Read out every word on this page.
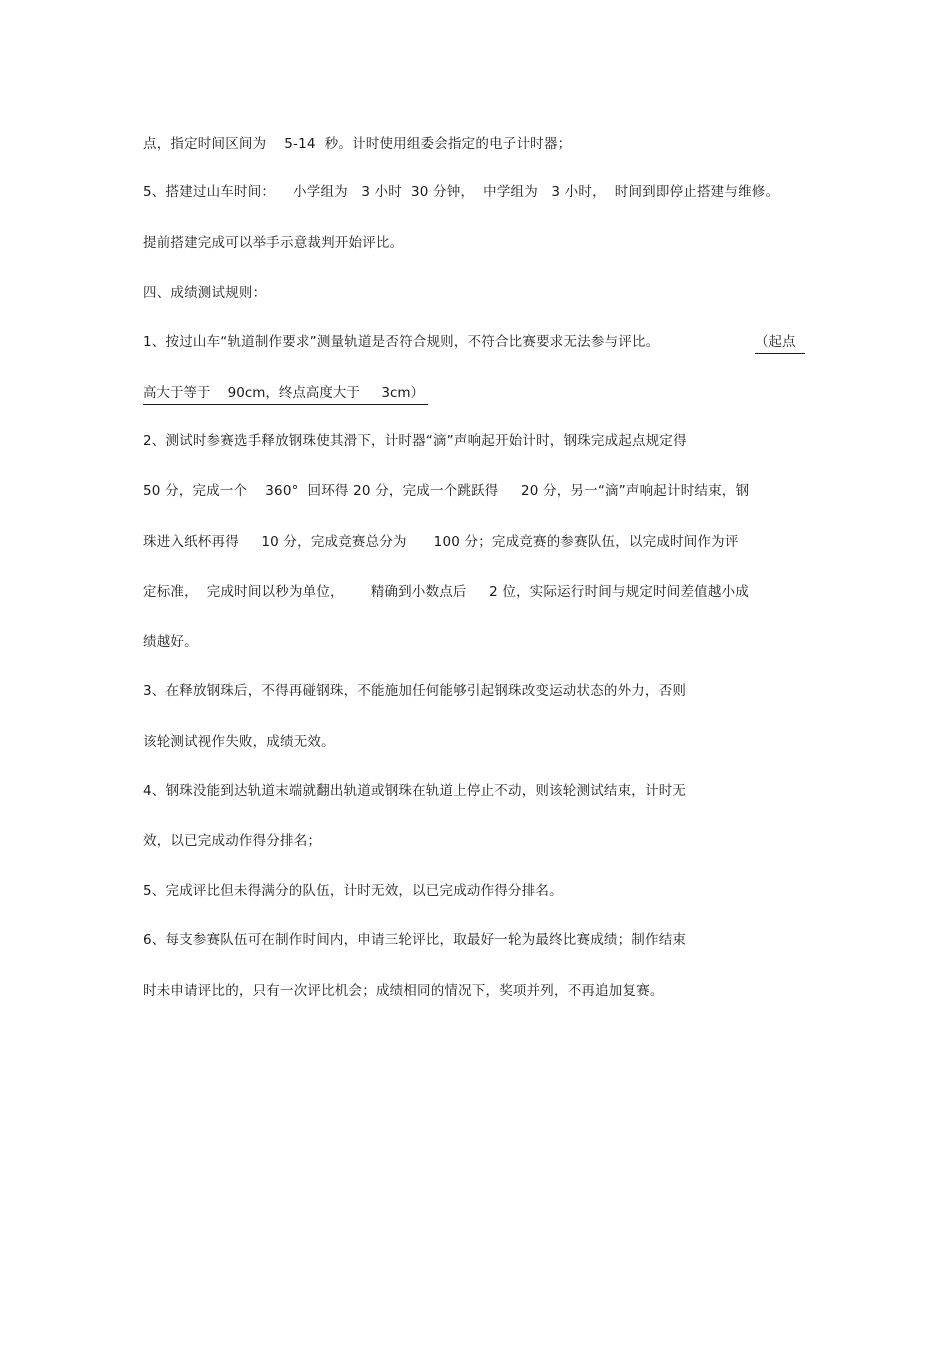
点，指定时间区间为    5-14  秒。计时使用组委会指定的电子计时器；
5、搭建过山车时间：    小学组为   3 小时  30 分钟，  中学组为   3 小时，  时间到即停止搭建与维修。
提前搭建完成可以举手示意裁判开始评比。
四、成绩测试规则：
1、按过山车“轨道制作要求”测量轨道是否符合规则，不符合比赛要求无法参与评比。	（起点
高大于等于    90cm，终点高度大于     3cm）
2、测试时参赛选手释放钢珠使其滑下，计时器“滴”声响起开始计时，钢珠完成起点规定得
50 分，完成一个    360°  回环得 20 分，完成一个跳跃得     20 分，另一“滴”声响起计时结束，钢
珠进入纸杯再得     10 分，完成竞赛总分为      100 分；完成竞赛的参赛队伍，以完成时间作为评
定标准，  完成时间以秒为单位，      精确到小数点后     2 位，实际运行时间与规定时间差值越小成
绩越好。
3、在释放钢珠后，不得再碰钢珠，不能施加任何能够引起钢珠改变运动状态的外力，否则
该轮测试视作失败，成绩无效。
4、钢珠没能到达轨道末端就翻出轨道或钢珠在轨道上停止不动，则该轮测试结束，计时无
效，以已完成动作得分排名；
5、完成评比但未得满分的队伍，计时无效，以已完成动作得分排名。
6、每支参赛队伍可在制作时间内，申请三轮评比，取最好一轮为最终比赛成绩；制作结束
时未申请评比的，只有一次评比机会；成绩相同的情况下，奖项并列，不再追加复赛。
